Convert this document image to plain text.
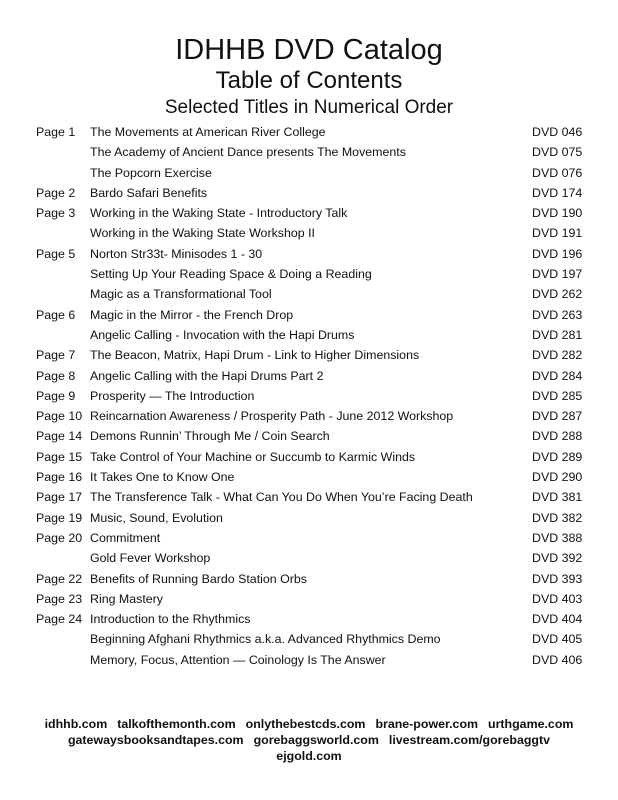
IDHHB DVD Catalog
Table of Contents
Selected Titles in Numerical Order
Page 1 The Movements at American River College	DVD 046
The Academy of Ancient Dance presents The Movements	DVD 075
The Popcorn Exercise	DVD 076
Page 2 Bardo Safari Benefits	DVD 174
Page 3 Working in the Waking State - Introductory Talk	DVD 190
Working in the Waking State Workshop II	DVD 191
Page 5 Norton Str33t- Minisodes 1 - 30	DVD 196
Setting Up Your Reading Space & Doing a Reading	DVD 197
Magic as a Transformational Tool	DVD 262
Page 6 Magic in the Mirror - the French Drop	DVD 263
Angelic Calling - Invocation with the Hapi Drums	DVD 281
Page 7 The Beacon, Matrix, Hapi Drum - Link to Higher Dimensions	DVD 282
Page 8 Angelic Calling with the Hapi Drums Part 2	DVD 284
Page 9 Prosperity — The Introduction	DVD 285
Page 10 Reincarnation Awareness / Prosperity Path - June 2012 Workshop	DVD 287
Page 14 Demons Runnin’ Through Me / Coin Search	DVD 288
Page 15 Take Control of Your Machine or Succumb to Karmic Winds	DVD 289
Page 16 It Takes One to Know One	DVD 290
Page 17 The Transference Talk - What Can You Do When You’re Facing Death	DVD 381
Page 19 Music, Sound, Evolution	DVD 382
Page 20 Commitment	DVD 388
Gold Fever Workshop	DVD 392
Page 22 Benefits of Running Bardo Station Orbs	DVD 393
Page 23 Ring Mastery	DVD 403
Page 24 Introduction to the Rhythmics	DVD 404
Beginning Afghani Rhythmics a.k.a. Advanced Rhythmics Demo	DVD 405
Memory, Focus, Attention — Coinology Is The Answer	DVD 406
idhhb.com talkofthemonth.com onlythebestcds.com brane-power.com urthgame.com
gatewaysbooksandtapes.com gorebaggsworld.com livestream.com/gorebaggtv
ejgold.com
